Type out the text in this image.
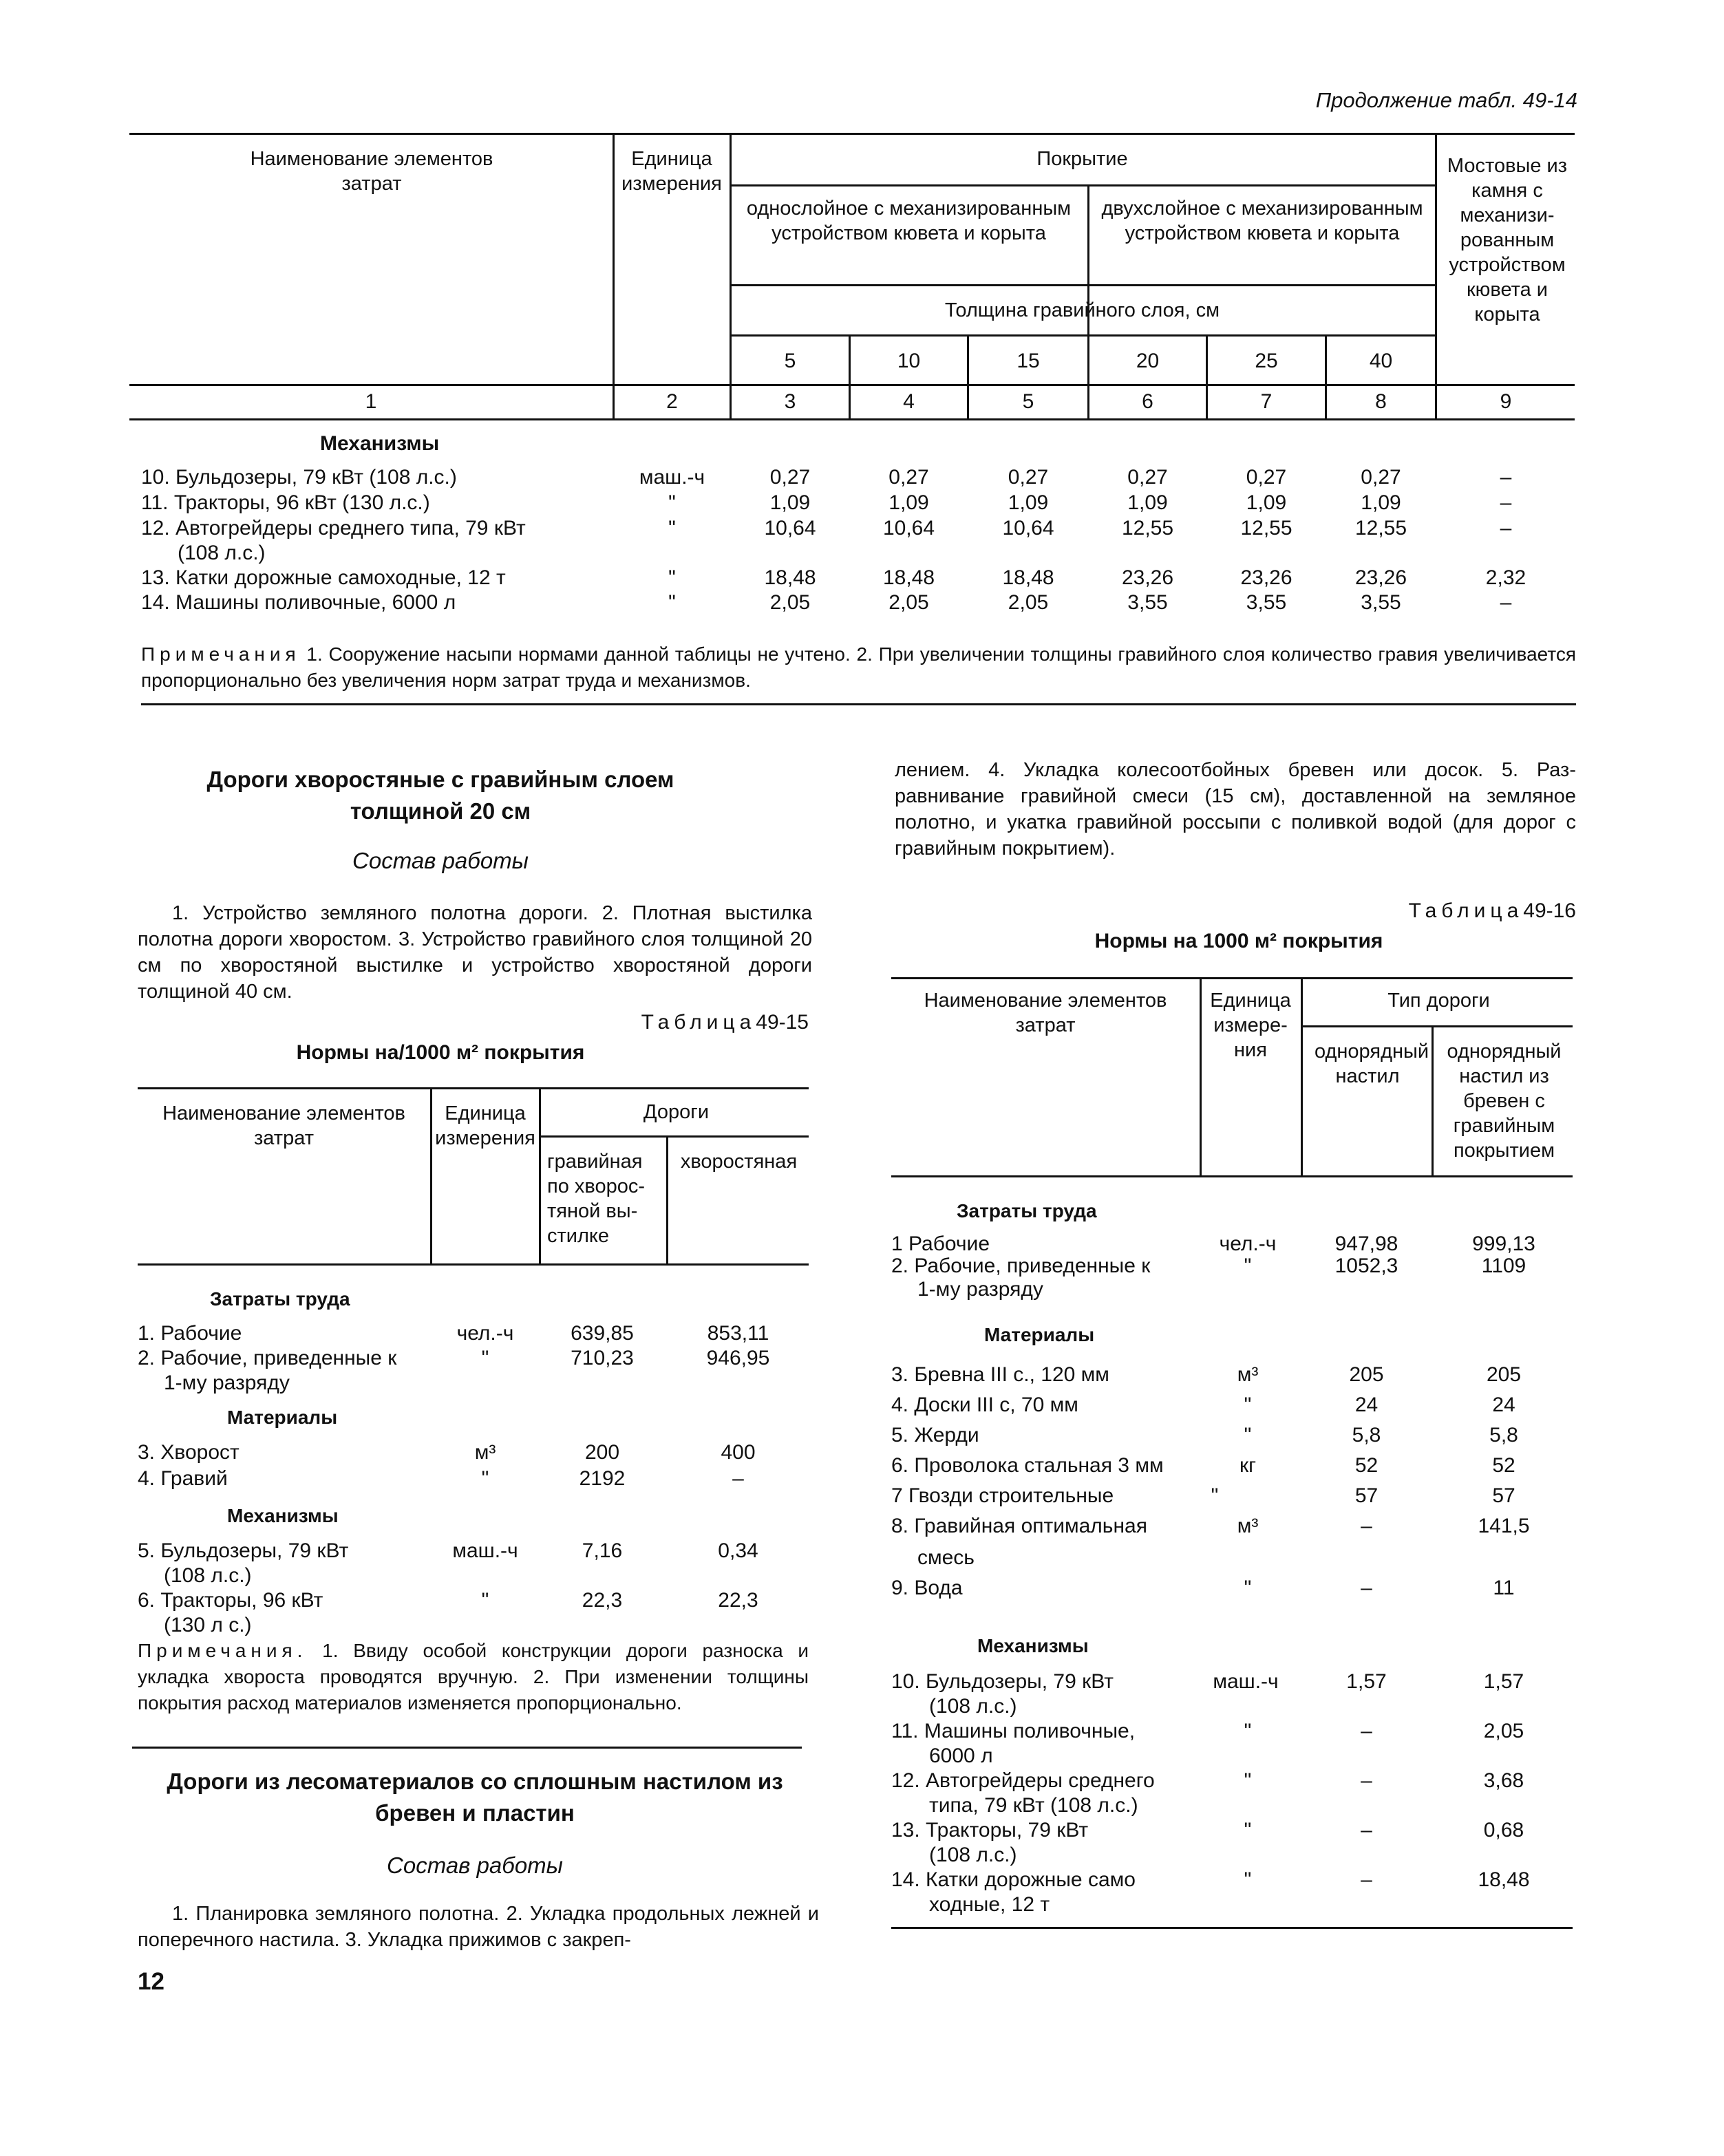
Продолжение табл. 49-14
Наименование элементов затрат
Единица измерения
Покрытие
однослойное с механизированным устройством кювета и корыта
двухслойное с механизированным устройством кювета и корыта
Толщина гравийного слоя, см
Мостовые из камня с механизированным устройством кювета и корыта
5	10	15	20	25	40
1	2	3	4	5	6	7	8	9
Механизмы
10. Бульдозеры, 79 кВт (108 л.с.)	маш.-ч	0,27	0,27	0,27	0,27	0,27	0,27	–
11. Тракторы, 96 кВт (130 л.с.)	"	1,09	1,09	1,09	1,09	1,09	1,09	–
12. Автогрейдеры среднего типа, 79 кВт
(108 л.с.)
"	10,64	10,64	10,64	12,55	12,55	12,55	–
13. Катки дорожные самоходные, 12 т	"	18,48	18,48	18,48	23,26	23,26	23,26	2,32
14. Машины поливочные, 6000 л	"	2,05	2,05	2,05	3,55	3,55	3,55	–
Примечания 1. Сооружение насыпи нормами данной таблицы не учтено. 2. При увеличении толщины гравийного слоя количество гравия увеличивается пропорционально без увеличения норм затрат труда и механизмов.
Дороги хворостяные с гравийным слоем толщиной 20 см
Состав работы
1. Устройство земляного полотна дороги. 2. Плотная выстилка полотна дороги хворостом. 3. Устройство гравийного слоя толщиной 20 см по хворостяной выстилке и устройство хворостяной дороги толщиной 40 см.
Таблица49-15
Нормы на/1000 м² покрытия
Наименование элементов затрат
Единица измерения
Дороги
гравийная по хворостяной выстилке
хворостяная
Затраты труда
1. Рабочие	чел.-ч	639,85	853,11
2. Рабочие, приведенные к
1-му разряду
"	710,23	946,95
Материалы
3. Хворост	м³	200	400
4. Гравий	"	2192	–
Механизмы
5. Бульдозеры, 79 кВт
(108 л.с.)
маш.-ч	7,16	0,34
6. Тракторы, 96 кВт
(130 л с.)
"	22,3	22,3
Примечания. 1. Ввиду особой конструкции дороги разноска и укладка хвороста проводятся вручную. 2. При изменении толщины покрытия расход материалов изменяется пропорционально.
Дороги из лесоматериалов со сплошным настилом из бревен и пластин
Состав работы
1. Планировка земляного полотна. 2. Укладка продольных лежней и поперечного настила. 3. Укладка прижимов с закреп-
лением. 4. Укладка колесоотбойных бревен или досок. 5. Разравнивание гравийной смеси (15 см), доставленной на земляное полотно, и укатка гравийной россыпи с поливкой водой (для дорог с гравийным покрытием).
Таблица49-16
Нормы на 1000 м² покрытия
Наименование элементов затрат
Единица измерения
Тип дороги
однорядный настил
однорядный настил из бревен с гравийным покрытием
Затраты труда
1 Рабочие	чел.-ч	947,98	999,13
2. Рабочие, приведенные к
1-му разряду
"	1052,3	1109
Материалы
3. Бревна III с., 120 мм	м³	205	205
4. Доски III с, 70 мм	"	24	24
5. Жерди	"	5,8	5,8
6. Проволока стальная 3 мм	кг	52	52
7 Гвозди строительные	"	57	57
8. Гравийная оптимальная
смесь
м³	–	141,5
9. Вода	"	–	11
Механизмы
10. Бульдозеры, 79 кВт
(108 л.с.)
маш.-ч	1,57	1,57
11. Машины поливочные,
6000 л
"	–	2,05
12. Автогрейдеры среднего
типа, 79 кВт (108 л.с.)
"	–	3,68
13. Тракторы, 79 кВт
(108 л.с.)
"	–	0,68
14. Катки дорожные само
ходные, 12 т
"	–	18,48
12
